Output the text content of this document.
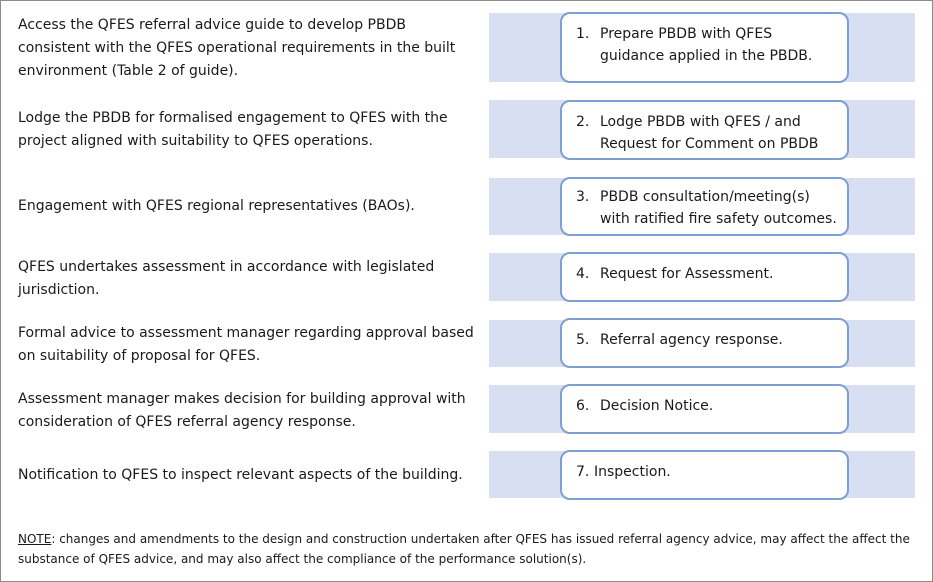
Access the QFES referral advice guide to develop PBDB consistent with the QFES operational requirements in the built environment (Table 2 of guide).

1. Prepare PBDB with QFES guidance applied in the PBDB.

Lodge the PBDB for formalised engagement to QFES with the project aligned with suitability to QFES operations.

2. Lodge PBDB with QFES / and Request for Comment on PBDB

Engagement with QFES regional representatives (BAOs).

3. PBDB consultation/meeting(s) with ratified fire safety outcomes.

QFES undertakes assessment in accordance with legislated jurisdiction.

4. Request for Assessment.

Formal advice to assessment manager regarding approval based on suitability of proposal for QFES.

5. Referral agency response.

Assessment manager makes decision for building approval with consideration of QFES referral agency response.

6. Decision Notice.

Notification to QFES to inspect relevant aspects of the building.	7. Inspection.

NOTE: changes and amendments to the design and construction undertaken after QFES has issued referral agency advice, may affect the affect the substance of QFES advice, and may also affect the compliance of the performance solution(s).
